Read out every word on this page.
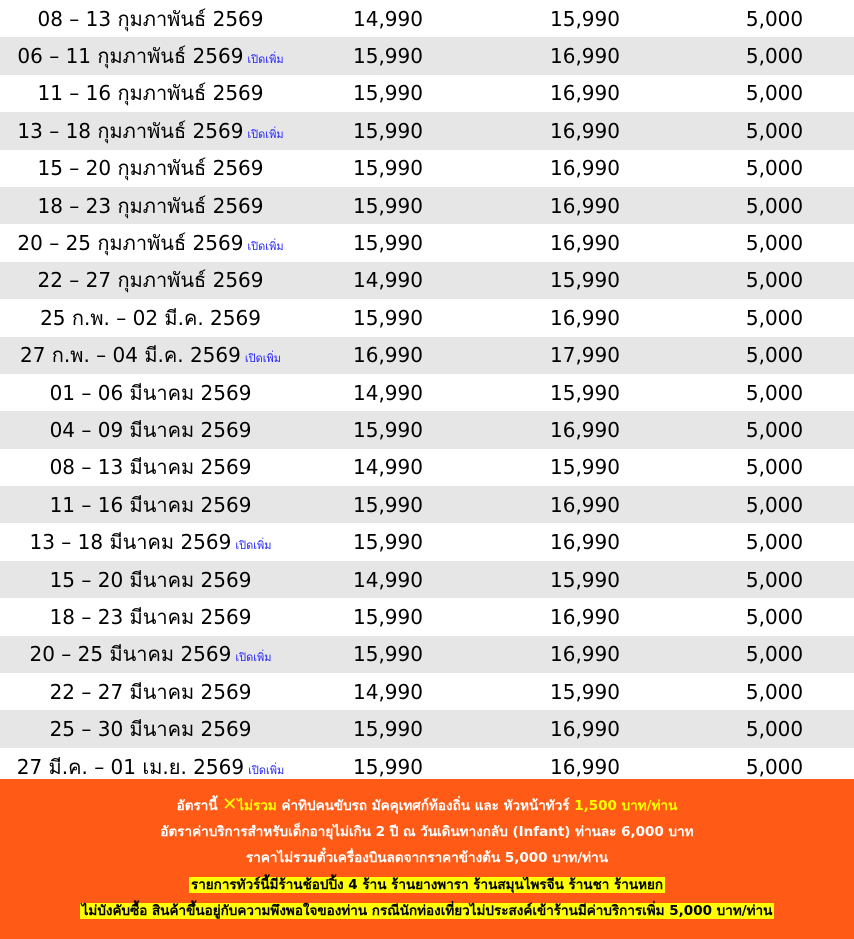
08 – 13 กุมภาพันธ์ 2569	14,990	15,990	5,000
06 – 11 กุมภาพันธ์ 2569 เปิดเพิ่ม	15,990	16,990	5,000
11 – 16 กุมภาพันธ์ 2569	15,990	16,990	5,000
13 – 18 กุมภาพันธ์ 2569 เปิดเพิ่ม	15,990	16,990	5,000
15 – 20 กุมภาพันธ์ 2569	15,990	16,990	5,000
18 – 23 กุมภาพันธ์ 2569	15,990	16,990	5,000
20 – 25 กุมภาพันธ์ 2569 เปิดเพิ่ม	15,990	16,990	5,000
22 – 27 กุมภาพันธ์ 2569	14,990	15,990	5,000
25 ก.พ. – 02 มี.ค. 2569	15,990	16,990	5,000
27 ก.พ. – 04 มี.ค. 2569 เปิดเพิ่ม	16,990	17,990	5,000
01 – 06 มีนาคม 2569	14,990	15,990	5,000
04 – 09 มีนาคม 2569	15,990	16,990	5,000
08 – 13 มีนาคม 2569	14,990	15,990	5,000
11 – 16 มีนาคม 2569	15,990	16,990	5,000
13 – 18 มีนาคม 2569 เปิดเพิ่ม	15,990	16,990	5,000
15 – 20 มีนาคม 2569	14,990	15,990	5,000
18 – 23 มีนาคม 2569	15,990	16,990	5,000
20 – 25 มีนาคม 2569 เปิดเพิ่ม	15,990	16,990	5,000
22 – 27 มีนาคม 2569	14,990	15,990	5,000
25 – 30 มีนาคม 2569	15,990	16,990	5,000
27 มี.ค. – 01 เม.ย. 2569 เปิดเพิ่ม	15,990	16,990	5,000
อัตรานี้ ✕ไม่รวม ค่าทิปคนขับรถ มัคคุเทศก์ท้องถิ่น และ หัวหน้าทัวร์ 1,500 บาท/ท่าน
อัตราค่าบริการสำหรับเด็กอายุไม่เกิน 2 ปี ณ วันเดินทางกลับ (Infant) ท่านละ 6,000 บาท
ราคาไม่รวมตั๋วเครื่องบินลดจากราคาข้างต้น 5,000 บาท/ท่าน
รายการทัวร์นี้มีร้านช้อปปิ้ง 4 ร้าน ร้านยางพารา ร้านสมุนไพรจีน ร้านชา ร้านหยก
ไม่บังคับซื้อ สินค้าขึ้นอยู่กับความพึงพอใจของท่าน กรณีนักท่องเที่ยวไม่ประสงค์เข้าร้านมีค่าบริการเพิ่ม 5,000 บาท/ท่าน
